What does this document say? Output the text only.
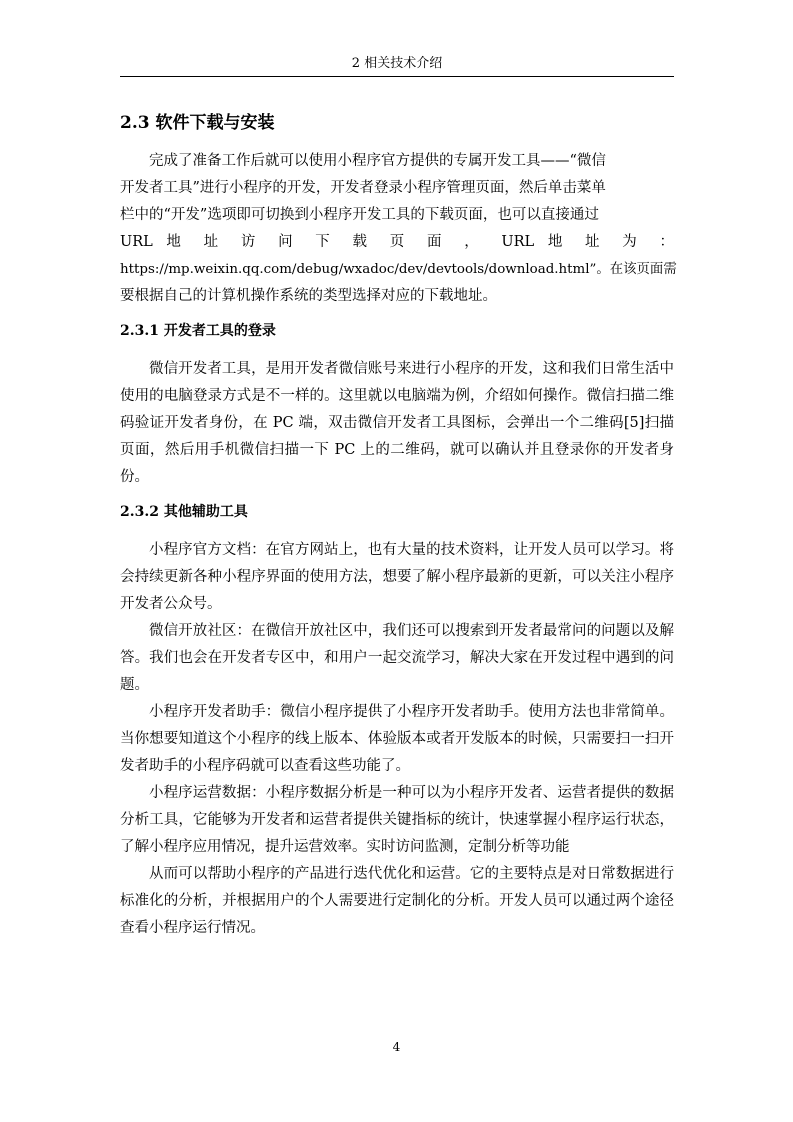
2 相关技术介绍
2.3 软件下载与安装

完成了准备工作后就可以使用小程序官方提供的专属开发工具——“微信

开发者工具”进行小程序的开发，开发者登录小程序管理页面，然后单击菜单

栏中的“开发”选项即可切换到小程序开发工具的下载页面，也可以直接通过

URL 地 址 访 问 下 载 页 面 ， URL 地 址 为 ：

https://mp.weixin.qq.com/debug/wxadoc/dev/devtools/download.html”。在该页面需

要根据自己的计算机操作系统的类型选择对应的下载地址。

2.3.1 开发者工具的登录

微信开发者工具，是用开发者微信账号来进行小程序的开发，这和我们日常生活中使用的电脑登录方式是不一样的。这里就以电脑端为例，介绍如何操作。微信扫描二维码验证开发者身份，在 PC 端，双击微信开发者工具图标，会弹出一个二维码[5]扫描页面，然后用手机微信扫描一下 PC 上的二维码，就可以确认并且登录你的开发者身份。

2.3.2 其他辅助工具

小程序官方文档：在官方网站上，也有大量的技术资料，让开发人员可以学习。将会持续更新各种小程序界面的使用方法，想要了解小程序最新的更新，可以关注小程序开发者公众号。

微信开放社区：在微信开放社区中，我们还可以搜索到开发者最常问的问题以及解答。我们也会在开发者专区中，和用户一起交流学习，解决大家在开发过程中遇到的问题。

小程序开发者助手：微信小程序提供了小程序开发者助手。使用方法也非常简单。当你想要知道这个小程序的线上版本、体验版本或者开发版本的时候，只需要扫一扫开发者助手的小程序码就可以查看这些功能了。

小程序运营数据：小程序数据分析是一种可以为小程序开发者、运营者提供的数据分析工具，它能够为开发者和运营者提供关键指标的统计，快速掌握小程序运行状态，了解小程序应用情况，提升运营效率。实时访问监测，定制分析等功能

从而可以帮助小程序的产品进行迭代优化和运营。它的主要特点是对日常数据进行标准化的分析，并根据用户的个人需要进行定制化的分析。开发人员可以通过两个途径查看小程序运行情况。

4
